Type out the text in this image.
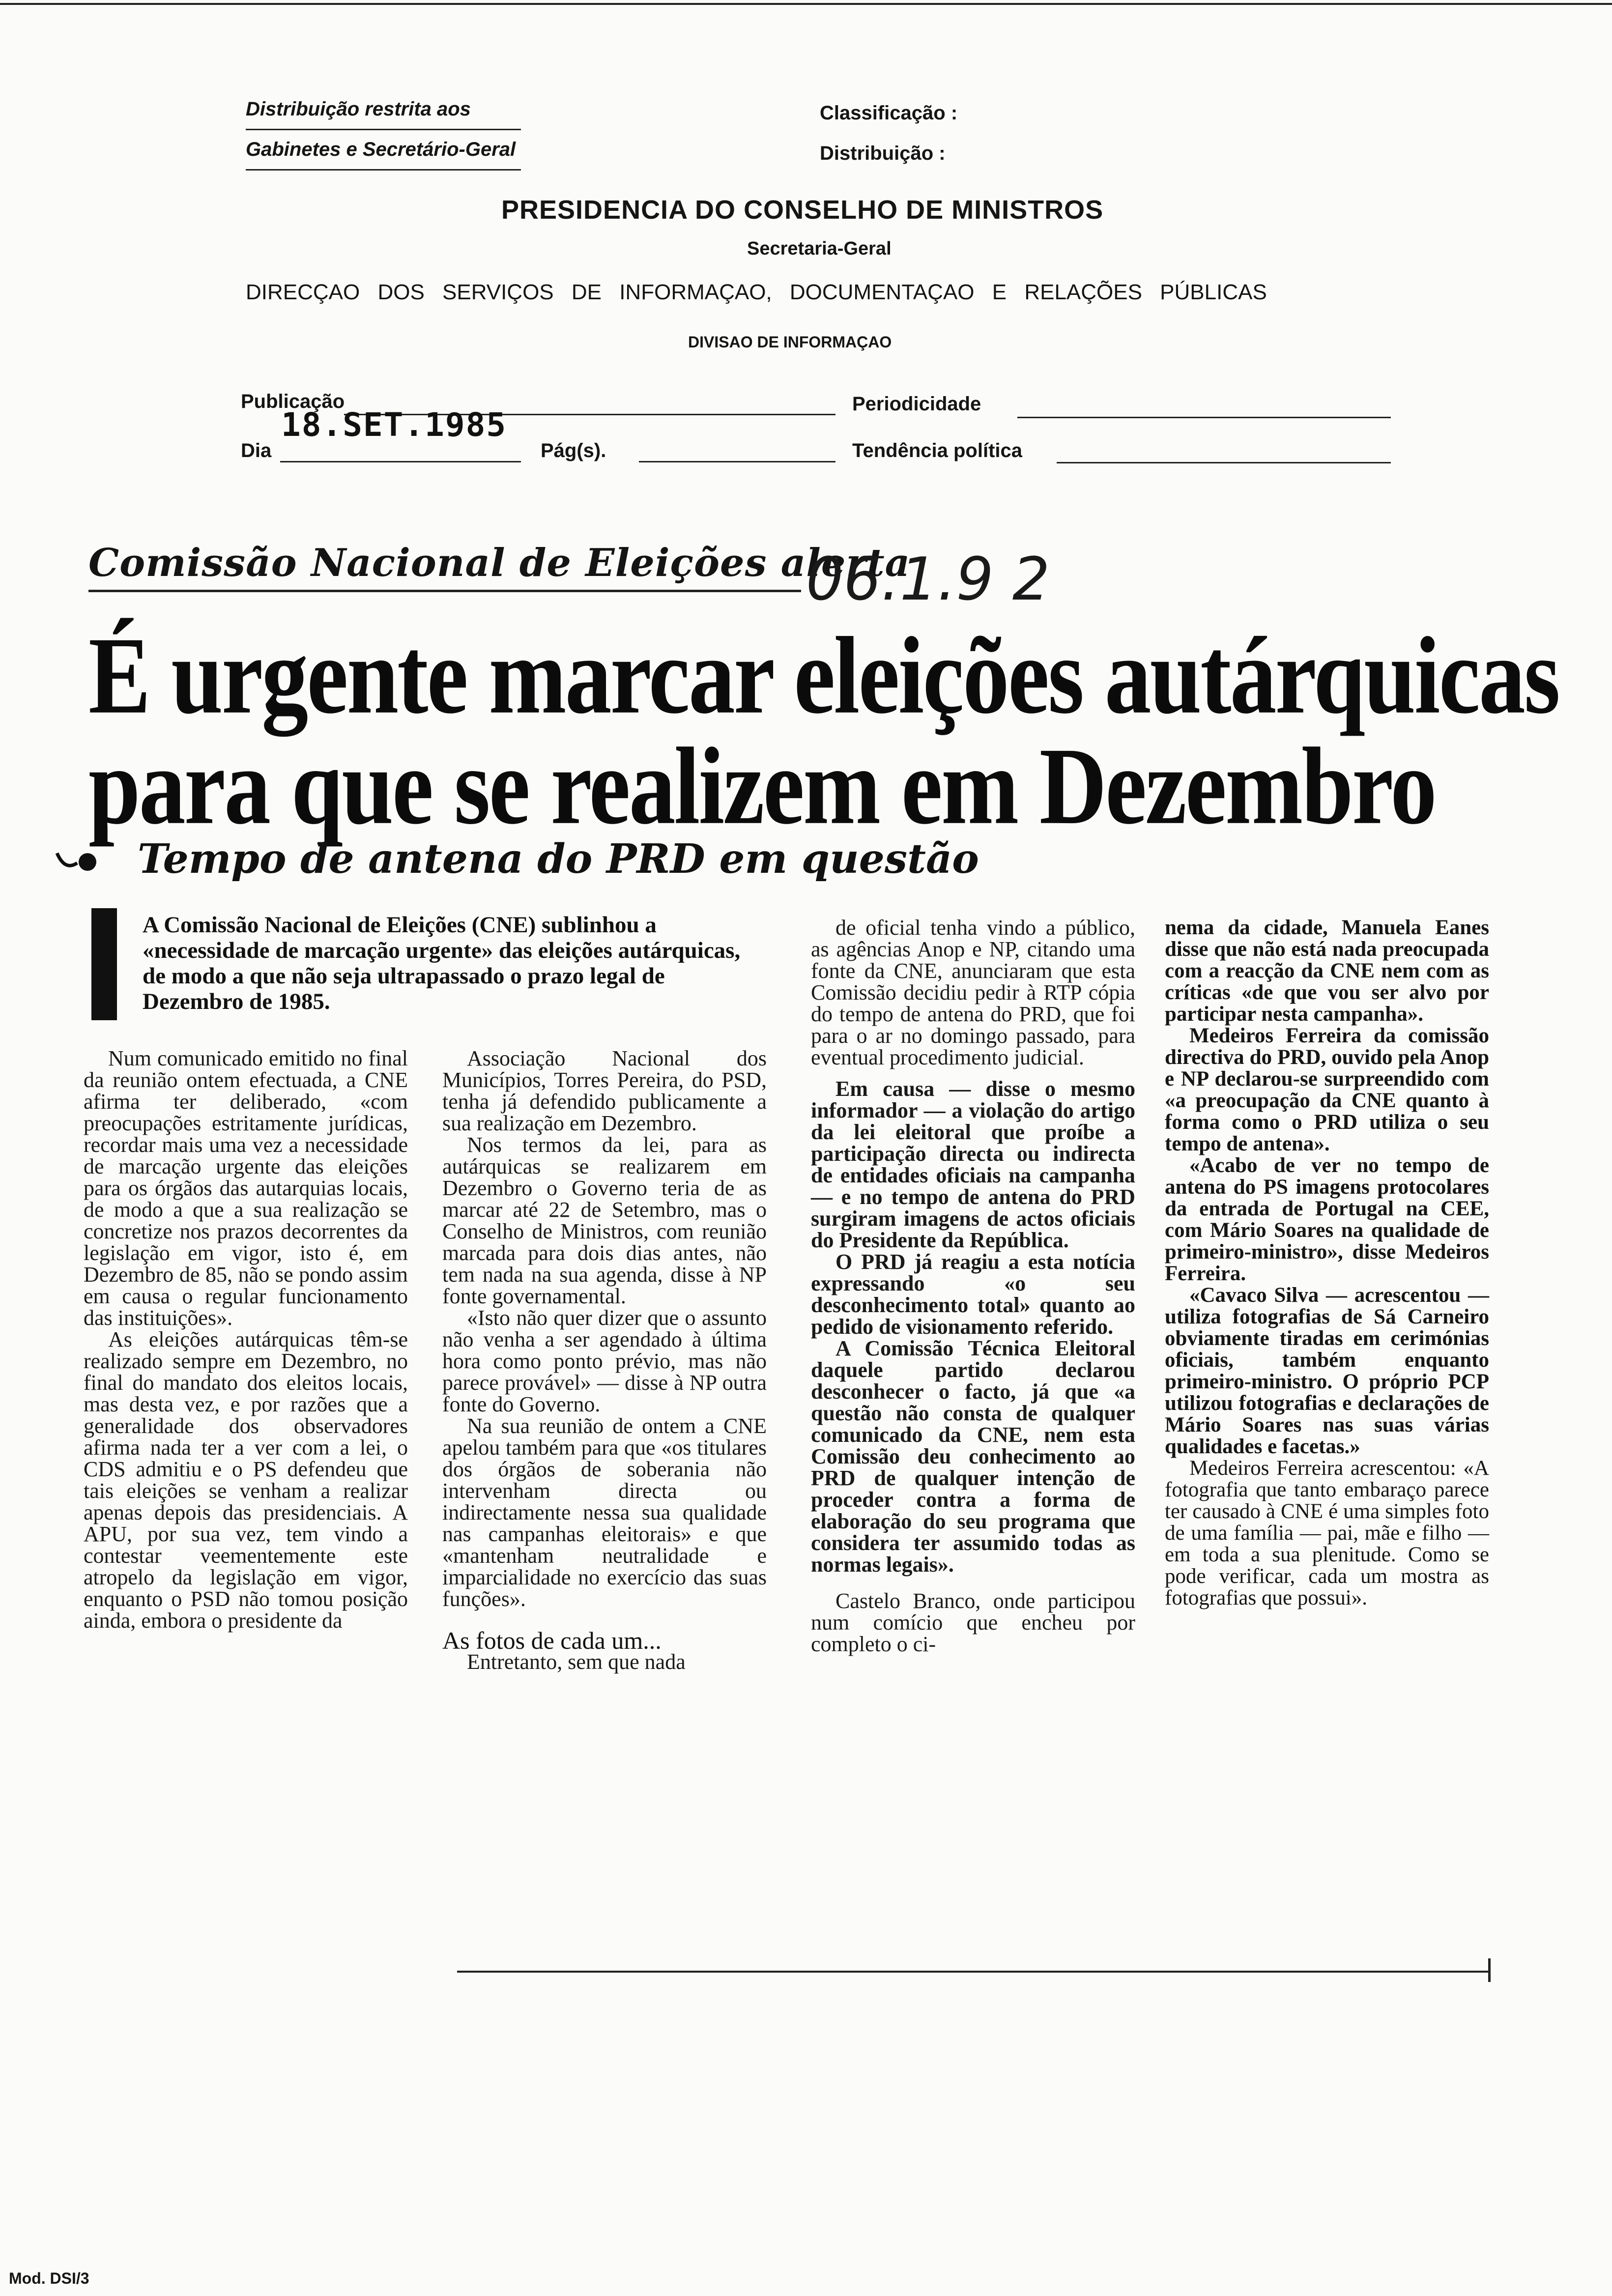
Distribuição restrita aos
Gabinetes e Secretário-Geral
Classificação :
Distribuição :
PRESIDENCIA DO CONSELHO DE MINISTROS
Secretaria-Geral
DIRECÇAO DOS SERVIÇOS DE INFORMAÇAO, DOCUMENTAÇAO E RELAÇÕES PÚBLICAS
DIVISAO DE INFORMAÇAO
Publicação
18.SET.1985
Periodicidade
Dia	Pág(s).	Tendência política
Comissão Nacional de Eleições alerta
06.1.9 2
É urgente marcar eleições autárquicas
para que se realizem em Dezembro
Tempo de antena do PRD em questão
A Comissão Nacional de Eleições (CNE) sublinhou a «necessidade de marcação urgente» das eleições autárquicas, de modo a que não seja ultrapassado o prazo legal de Dezembro de 1985.

Num comunicado emitido no final da reunião ontem efectuada, a CNE afirma ter deliberado, «com preocupações estritamente jurídicas, recordar mais uma vez a necessidade de marcação urgente das eleições para os órgãos das autarquias locais, de modo a que a sua realização se concretize nos prazos decorrentes da legislação em vigor, isto é, em Dezembro de 85, não se pondo assim em causa o regular funcionamento das instituições».

As eleições autárquicas têm-se realizado sempre em Dezembro, no final do mandato dos eleitos locais, mas desta vez, e por razões que a generalidade dos observadores afirma nada ter a ver com a lei, o CDS admitiu e o PS defendeu que tais eleições se venham a realizar apenas depois das presidenciais. A APU, por sua vez, tem vindo a contestar veementemente este atropelo da legislação em vigor, enquanto o PSD não tomou posição ainda, embora o presidente da

Associação Nacional dos Municípios, Torres Pereira, do PSD, tenha já defendido publicamente a sua realização em Dezembro.

Nos termos da lei, para as autárquicas se realizarem em Dezembro o Governo teria de as marcar até 22 de Setembro, mas o Conselho de Ministros, com reunião marcada para dois dias antes, não tem nada na sua agenda, disse à NP fonte governamental.

«Isto não quer dizer que o assunto não venha a ser agendado à última hora como ponto prévio, mas não parece provável» — disse à NP outra fonte do Governo.

Na sua reunião de ontem a CNE apelou também para que «os titulares dos órgãos de soberania não intervenham directa ou indirectamente nessa sua qualidade nas campanhas eleitorais» e que «mantenham neutralidade e imparcialidade no exercício das suas funções».

As fotos de cada um...

Entretanto, sem que nada

de oficial tenha vindo a público, as agências Anop e NP, citando uma fonte da CNE, anunciaram que esta Comissão decidiu pedir à RTP cópia do tempo de antena do PRD, que foi para o ar no domingo passado, para eventual procedimento judicial.

Em causa — disse o mesmo informador — a violação do artigo da lei eleitoral que proíbe a participação directa ou indirecta de entidades oficiais na campanha — e no tempo de antena do PRD surgiram imagens de actos oficiais do Presidente da República.

O PRD já reagiu a esta notícia expressando «o seu desconhecimento total» quanto ao pedido de visionamento referido.

A Comissão Técnica Eleitoral daquele partido declarou desconhecer o facto, já que «a questão não consta de qualquer comunicado da CNE, nem esta Comissão deu conhecimento ao PRD de qualquer intenção de proceder contra a forma de elaboração do seu programa que considera ter assumido todas as normas legais».

Castelo Branco, onde participou num comício que encheu por completo o ci-

nema da cidade, Manuela Eanes disse que não está nada preocupada com a reacção da CNE nem com as críticas «de que vou ser alvo por participar nesta campanha».

Medeiros Ferreira da comissão directiva do PRD, ouvido pela Anop e NP declarou-se surpreendido com «a preocupação da CNE quanto à forma como o PRD utiliza o seu tempo de antena».

«Acabo de ver no tempo de antena do PS imagens protocolares da entrada de Portugal na CEE, com Mário Soares na qualidade de primeiro-ministro», disse Medeiros Ferreira.

«Cavaco Silva — acrescentou — utiliza fotografias de Sá Carneiro obviamente tiradas em cerimónias oficiais, também enquanto primeiro-ministro. O próprio PCP utilizou fotografias e declarações de Mário Soares nas suas várias qualidades e facetas.»

Medeiros Ferreira acrescentou: «A fotografia que tanto embaraço parece ter causado à CNE é uma simples foto de uma família — pai, mãe e filho — em toda a sua plenitude. Como se pode verificar, cada um mostra as fotografias que possui».

Mod. DSI/3
